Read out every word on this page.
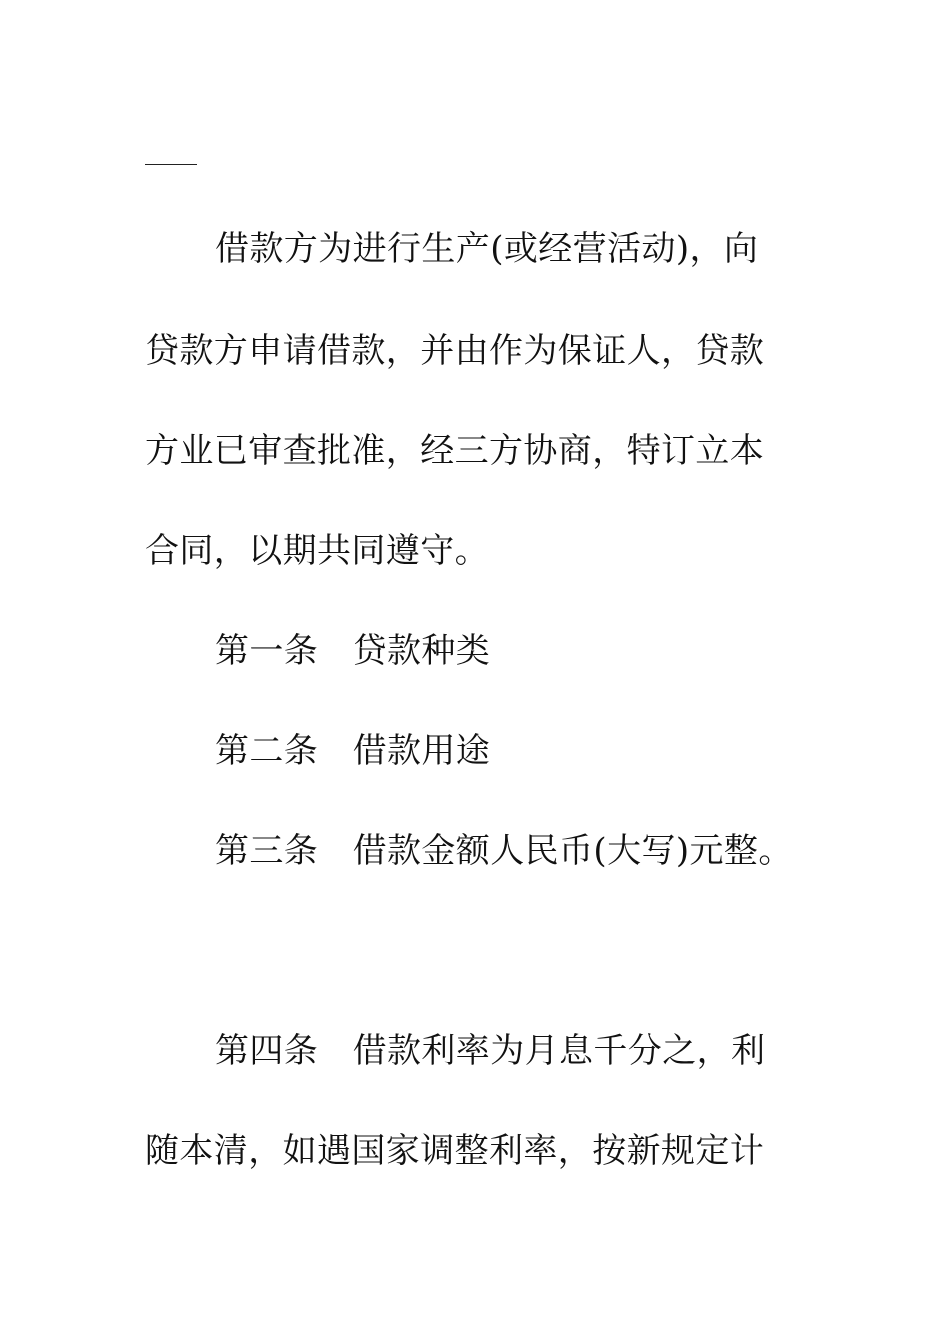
借款方为进行生产(或经营活动)，向
贷款方申请借款，并由作为保证人，贷款
方业已审查批准，经三方协商，特订立本
合同，以期共同遵守。
第一条　贷款种类
第二条　借款用途
第三条　借款金额人民币(大写)元整。
第四条　借款利率为月息千分之，利
随本清，如遇国家调整利率，按新规定计
